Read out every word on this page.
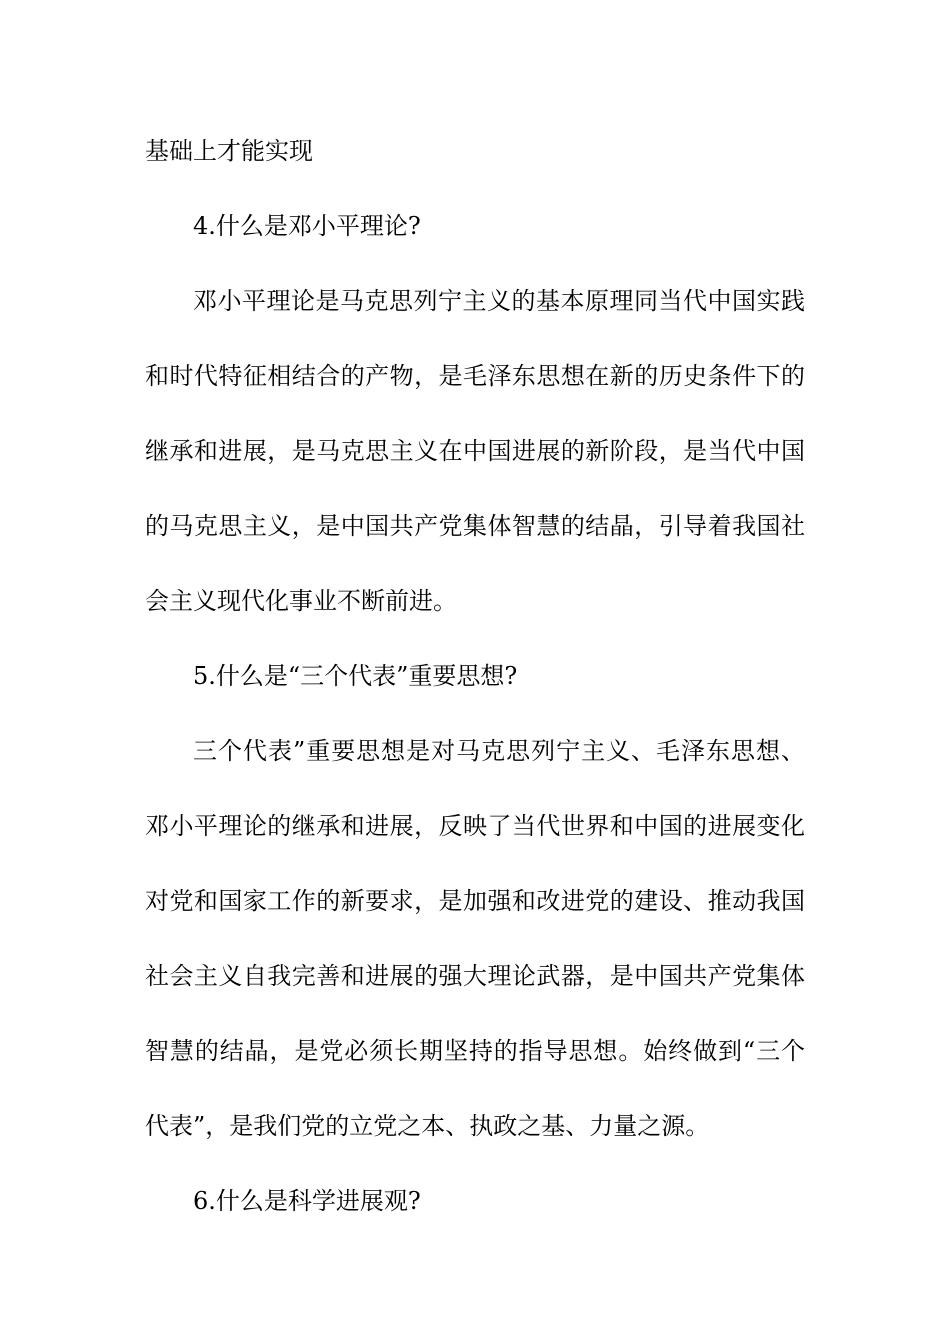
基础上才能实现
4.什么是邓小平理论?
邓小平理论是马克思列宁主义的基本原理同当代中国实践
和时代特征相结合的产物，是毛泽东思想在新的历史条件下的
继承和进展，是马克思主义在中国进展的新阶段，是当代中国
的马克思主义，是中国共产党集体智慧的结晶，引导着我国社
会主义现代化事业不断前进。
5.什么是“三个代表”重要思想?
三个代表”重要思想是对马克思列宁主义、毛泽东思想、
邓小平理论的继承和进展，反映了当代世界和中国的进展变化
对党和国家工作的新要求，是加强和改进党的建设、推动我国
社会主义自我完善和进展的强大理论武器，是中国共产党集体
智慧的结晶，是党必须长期坚持的指导思想。始终做到“三个
代表”，是我们党的立党之本、执政之基、力量之源。
6.什么是科学进展观?
